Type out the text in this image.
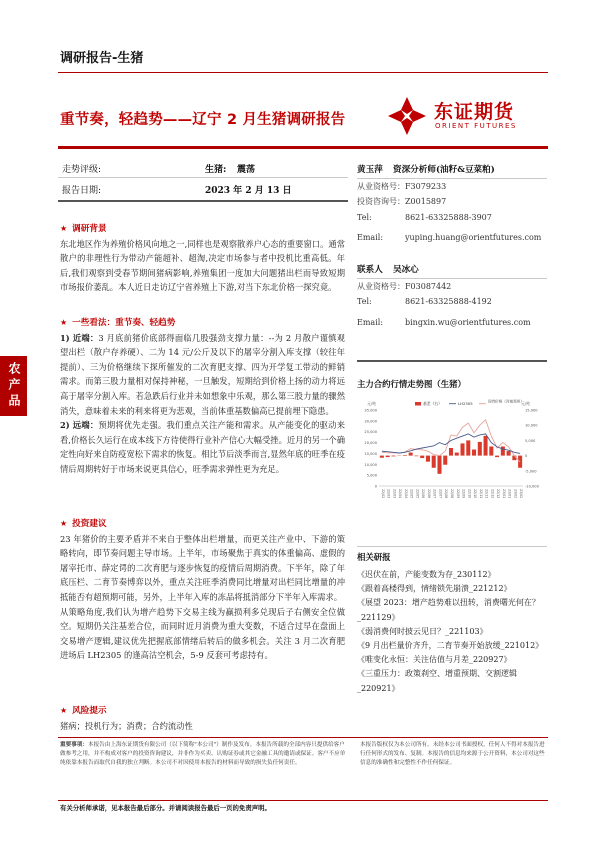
调研报告-生猪
重节奏，轻趋势——辽宁 2 月生猪调研报告	东证期货
ORIENT FUTURES
农产品
走势评级:	生猪: 震荡
报告日期:	2023 年 2 月 13 日
★ 调研背景

东北地区作为养殖价格风向地之一,同样也是观察散养户心态的重要窗口。通常散户的非理性行为带动产能超补、超淘,决定市场参与者中投机比重高低。年后,我们观察到受春节期间猪病影响,养殖集团一度加大问题猪出栏而导致短期市场报价萎乱。本人近日走访辽宁省养殖上下游,对当下东北价格一探究竟。

★ 一些看法：重节奏、轻趋势

1) 近端：3 月底前猪价底部得面临几股强劲支撑力量：--为 2 月散户谨慎观望出栏（散户存养硬）、二为 14 元/公斤及以下的屠宰分割入库支撑（较往年提前）、三为价格继续下探所催发的二次育肥支撑、四为开学复工带动的鲜销需求。而第三股力量相对保持神秘，一旦触发，短期给到价格上扬的动力将远高于屠宰分割入库。若急跌后行业并未如想象中乐观，那么第三股力量的骤然消失，意味着未来的利来将更为悲观，当前体重基数偏高已提前埋下隐患。

2) 远端：预期将优先走强。我们重点关注产能和需求。从产能变化的驱动来看,价格长久运行在成本线下方待使得行业补产信心大幅受挫。近月的另一个确定性向好来自防疫宽松下需求的恢复。相比节后淡季而言,显然年底的旺季在疫情后周期转好于市场来说更具信心，旺季需求弹性更为充足。

★ 投资建议

23 年猪价的主要矛盾并不来自于整体出栏增量，而更关注产业中、下游的策略转向，即节奏问题主导市场。上半年，市场聚焦于真实的体重偏高、虚假的屠宰托市、薛定谔的二次育肥与逐步恢复的疫情后周期消费。下半年，除了年底压栏、二育节奏博弈以外，重点关注旺季消费同比增量对出栏同比增量的冲抵能否有超预期可能，另外，上半年入库的冻品将抵消部分下半年入库需求。

从策略角度,我们认为增产趋势下交易主线为赢损利多兑现后子右侧安全位做空。短期仍关注基差合位，而同时近月消费为重大变数，不适合过早在盘面上交易增产逻辑,建议优先把握底部情绪后转后的做多机会。关注 3 月二次育肥进场后 LH2305 的逢高沽空机会，5-9 反套可考虑持有。

★ 风险提示

猪病；投机行为；消费；合约流动性

黄玉萍 资深分析师(油籽&豆菜粕)
从业资格号：F3079233
投资咨询号：Z0015897
Tel:	8621-63325888-3907
Email:	yuping.huang@orientfutures.com
联系人 吴冰心
从业资格号：F03087442
Tel:	8621-63325888-4192
Email:	bingxin.wu@orientfutures.com
主力合约行情走势图（生猪）
0
5,000
10,000
15,000
20,000
25,000
30,000
35,000
-10,000
-5,000
0
5,000
10,000
15,000
元/吨	元/吨
22/02 22/03 22/03 22/04 22/04 22/05 22/05 22/06 22/06 22/07 22/07 22/08 22/08 22/09 22/09 22/10 22/10 22/11 22/11 22/12 22/12 23/01 23/01 23/02 23/02
基差（右）	LH2305	现货价格（河南郑州）
相关研报
《迟伏在前，产能变数为存_230112》
《跟着高楼得到，情绪锁先崩溃_221212》
《展望 2023：增产趋势难以扭转，消费曙光何在？_221129》
《弱消费何时披云见日？_221103》
《9 月出栏量价齐升，二育节奏开始放缓_221012》
《唯变化永恒：关注估值与月差_220927》
《三重压力：政策刹空、增重预期、交割逻辑_220921》
重要事项：本报告由上海东证期货有限公司（以下简称"本公司"）制作及发布。本报告所载的全部内容只提供给客户做参考之用，并不构成对客户的投资咨询建议，并非作为买卖、认购证券或其它金融工具的邀请或保证。客户不应单纯依靠本报告而取代自我的独立判断。本公司不对因使用本报告的材料而导致的损失负任何责任。
本报告版权仅为本公司所有。未经本公司书面授权，任何人不得对本报告进行任何形式的发布、复制。本报告的信息均来源于公开资料，本公司对这些信息的准确性和完整性不作任何保证。
有关分析师承诺，见本报告最后部分。并请阅读报告最后一页的免责声明。
